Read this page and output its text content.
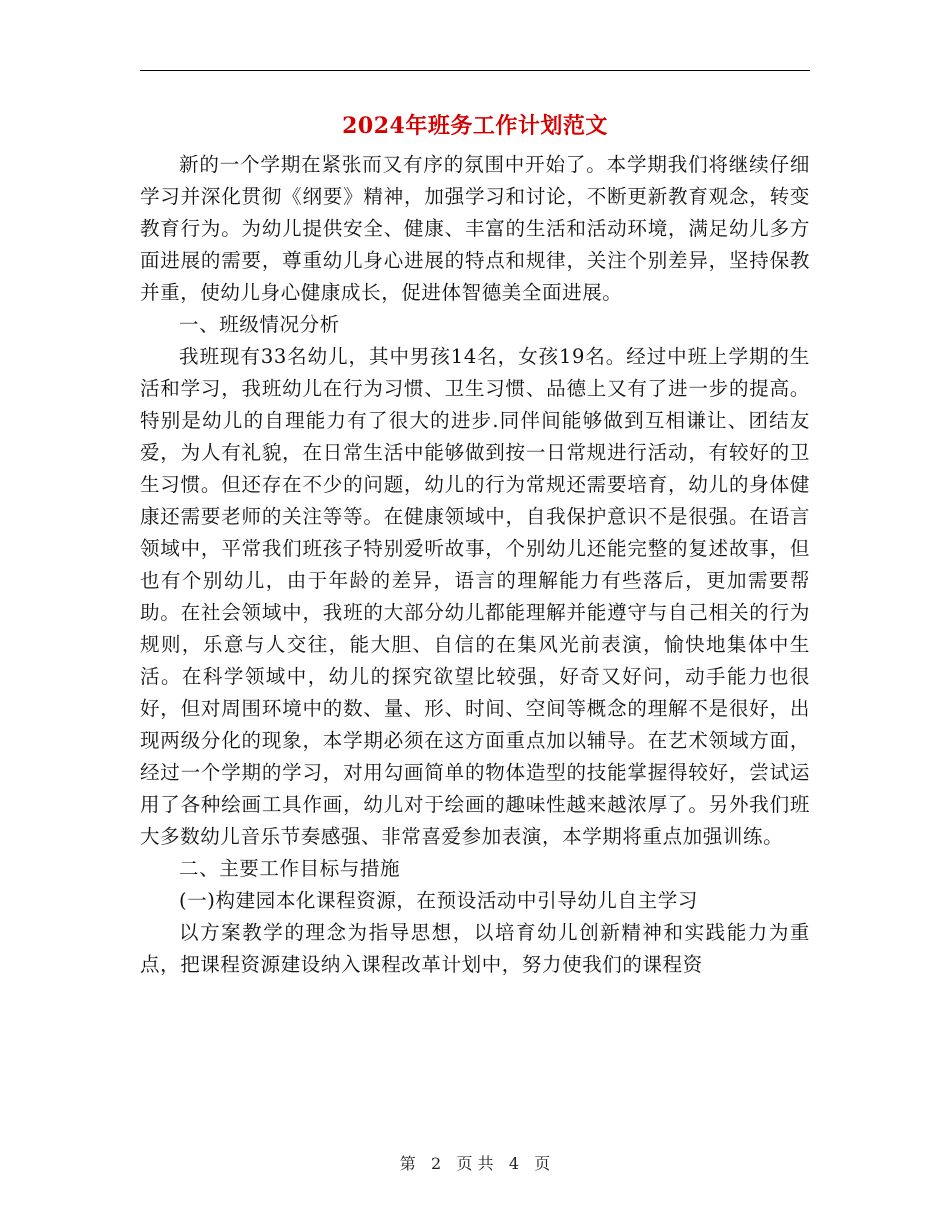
2024年班务工作计划范文

新的一个学期在紧张而又有序的氛围中开始了。本学期我们将继续仔细学习并深化贯彻《纲要》精神，加强学习和讨论，不断更新教育观念，转变教育行为。为幼儿提供安全、健康、丰富的生活和活动环境，满足幼儿多方面进展的需要，尊重幼儿身心进展的特点和规律，关注个别差异，坚持保教并重，使幼儿身心健康成长，促进体智德美全面进展。

一、班级情况分析

我班现有33名幼儿，其中男孩14名，女孩19名。经过中班上学期的生活和学习，我班幼儿在行为习惯、卫生习惯、品德上又有了进一步的提高。特别是幼儿的自理能力有了很大的进步.同伴间能够做到互相谦让、团结友爱，为人有礼貌，在日常生活中能够做到按一日常规进行活动，有较好的卫生习惯。但还存在不少的问题，幼儿的行为常规还需要培育，幼儿的身体健康还需要老师的关注等等。在健康领域中，自我保护意识不是很强。在语言领域中，平常我们班孩子特别爱听故事，个别幼儿还能完整的复述故事，但也有个别幼儿，由于年龄的差异，语言的理解能力有些落后，更加需要帮助。在社会领域中，我班的大部分幼儿都能理解并能遵守与自己相关的行为规则，乐意与人交往，能大胆、自信的在集风光前表演，愉快地集体中生活。在科学领域中，幼儿的探究欲望比较强，好奇又好问，动手能力也很好，但对周围环境中的数、量、形、时间、空间等概念的理解不是很好，出现两级分化的现象，本学期必须在这方面重点加以辅导。在艺术领域方面，经过一个学期的学习，对用勾画简单的物体造型的技能掌握得较好，尝试运用了各种绘画工具作画，幼儿对于绘画的趣味性越来越浓厚了。另外我们班大多数幼儿音乐节奏感强、非常喜爱参加表演，本学期将重点加强训练。

二、主要工作目标与措施

(一)构建园本化课程资源，在预设活动中引导幼儿自主学习

以方案教学的理念为指导思想，以培育幼儿创新精神和实践能力为重点，把课程资源建设纳入课程改革计划中，努力使我们的课程资

第 2 页 共 4 页
